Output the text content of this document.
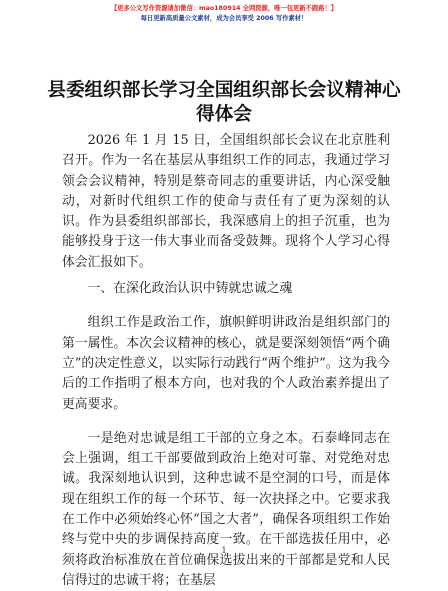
【更多公文写作资源请加微信：mao180914 全网资源，唯一包更新不跑路！】
每日更新高质量公文素材，成为会员享受 2006 写作素材！
县委组织部长学习全国组织部长会议精神心得体会

2026 年 1 月 15 日，全国组织部长会议在北京胜利召开。作为一名在基层从事组织工作的同志，我通过学习领会会议精神，特别是蔡奇同志的重要讲话，内心深受触动，对新时代组织工作的使命与责任有了更为深刻的认识。作为县委组织部部长，我深感肩上的担子沉重，也为能够投身于这一伟大事业而备受鼓舞。现将个人学习心得体会汇报如下。

一、在深化政治认识中铸就忠诚之魂

组织工作是政治工作，旗帜鲜明讲政治是组织部门的第一属性。本次会议精神的核心，就是要深刻领悟“两个确立”的决定性意义，以实际行动践行“两个维护”。这为我今后的工作指明了根本方向，也对我的个人政治素养提出了更高要求。

一是绝对忠诚是组工干部的立身之本。石泰峰同志在会上强调，组工干部要做到政治上绝对可靠、对党绝对忠诚。我深刻地认识到，这种忠诚不是空洞的口号，而是体现在组织工作的每一个环节、每一次抉择之中。它要求我在工作中必须始终心怀“国之大者”，确保各项组织工作始终与党中央的步调保持高度一致。在干部选拔任用中，必须将政治标准放在首位确保选拔出来的干部都是党和人民信得过的忠诚干将；在基层

1
